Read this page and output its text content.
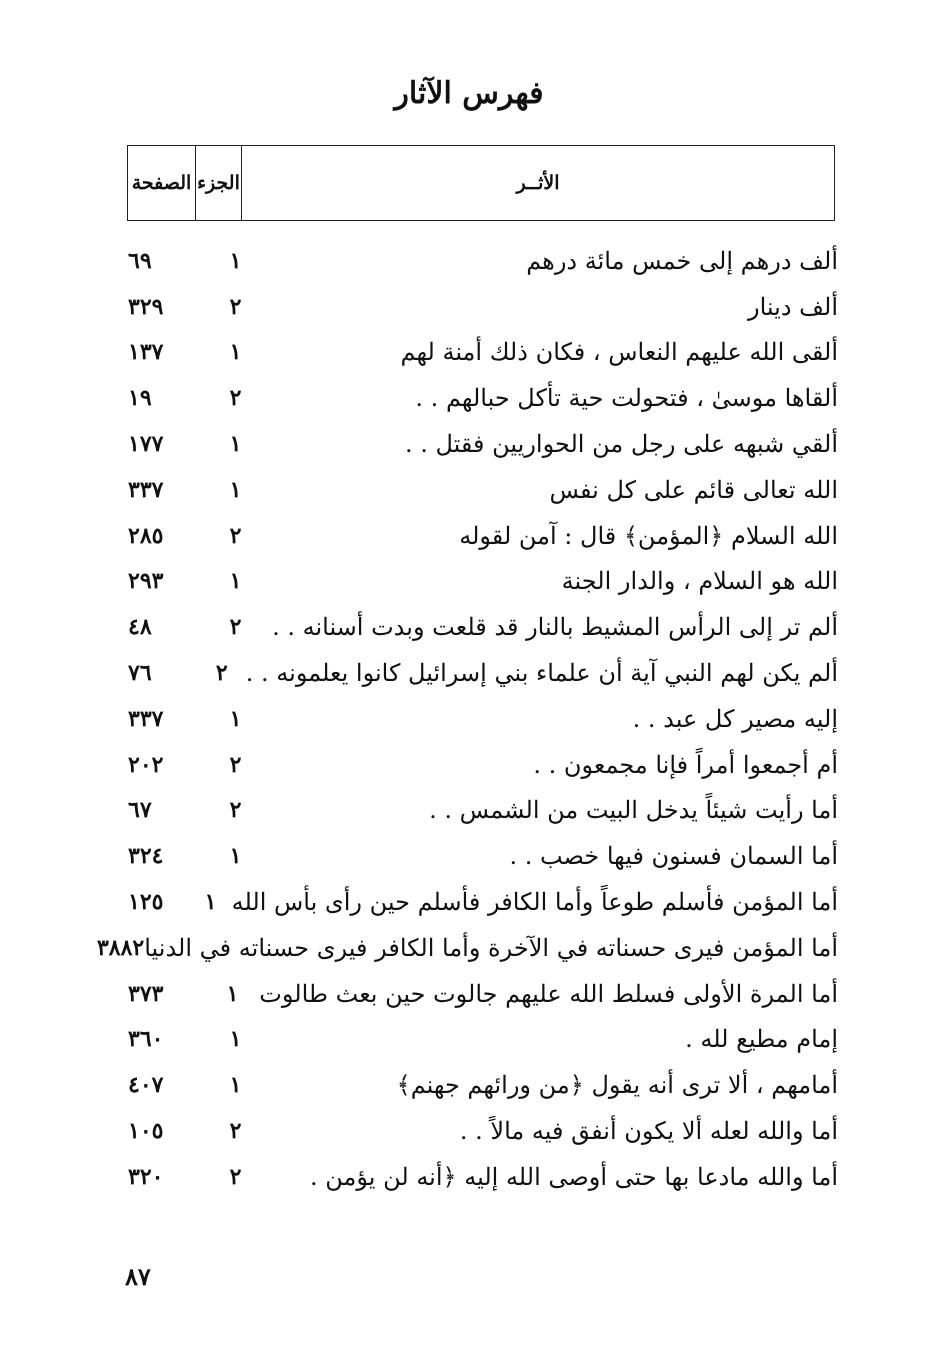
فهرس الآثار
الأثــر
الجزء
الصفحة
ألف درهم إلى خمس مائة درهم
١
٦٩
ألف دينار
٢
٣٢٩
ألقى الله عليهم النعاس ، فكان ذلك أمنة لهم
١
١٣٧
ألقاها موسىٰ ، فتحولت حية تأكل حبالهم . .
٢
١٩
ألقي شبهه على رجل من الحواريين فقتل . .
١
١٧٧
الله تعالى قائم على كل نفس
١
٣٣٧
الله السلام ﴿المؤمن﴾ قال : آمن لقوله
٢
٢٨٥
الله هو السلام ، والدار الجنة
١
٢٩٣
ألم تر إلى الرأس المشيط بالنار قد قلعت وبدت أسنانه . .
٢
٤٨
ألم يكن لهم النبي آية أن علماء بني إسرائيل كانوا يعلمونه . .
٢
٧٦
إليه مصير كل عبد . .
١
٣٣٧
أم أجمعوا أمراً فإنا مجمعون . .
٢
٢٠٢
أما رأيت شيئاً يدخل البيت من الشمس . .
٢
٦٧
أما السمان فسنون فيها خصب . .
١
٣٢٤
أما المؤمن فأسلم طوعاً وأما الكافر فأسلم حين رأى بأس الله
١
١٢٥
أما المؤمن فيرى حسناته في الآخرة وأما الكافر فيرى حسناته في الدنيا
٢
٣٨٨
أما المرة الأولى فسلط الله عليهم جالوت حين بعث طالوت
١
٣٧٣
إمام مطيع لله .
١
٣٦٠
أمامهم ، ألا ترى أنه يقول ﴿من ورائهم جهنم﴾
١
٤٠٧
أما والله لعله ألا يكون أنفق فيه مالاً . .
٢
١٠٥
أما والله مادعا بها حتى أوصى الله إليه ﴿أنه لن يؤمن .
٢
٣٢٠
٨٧
